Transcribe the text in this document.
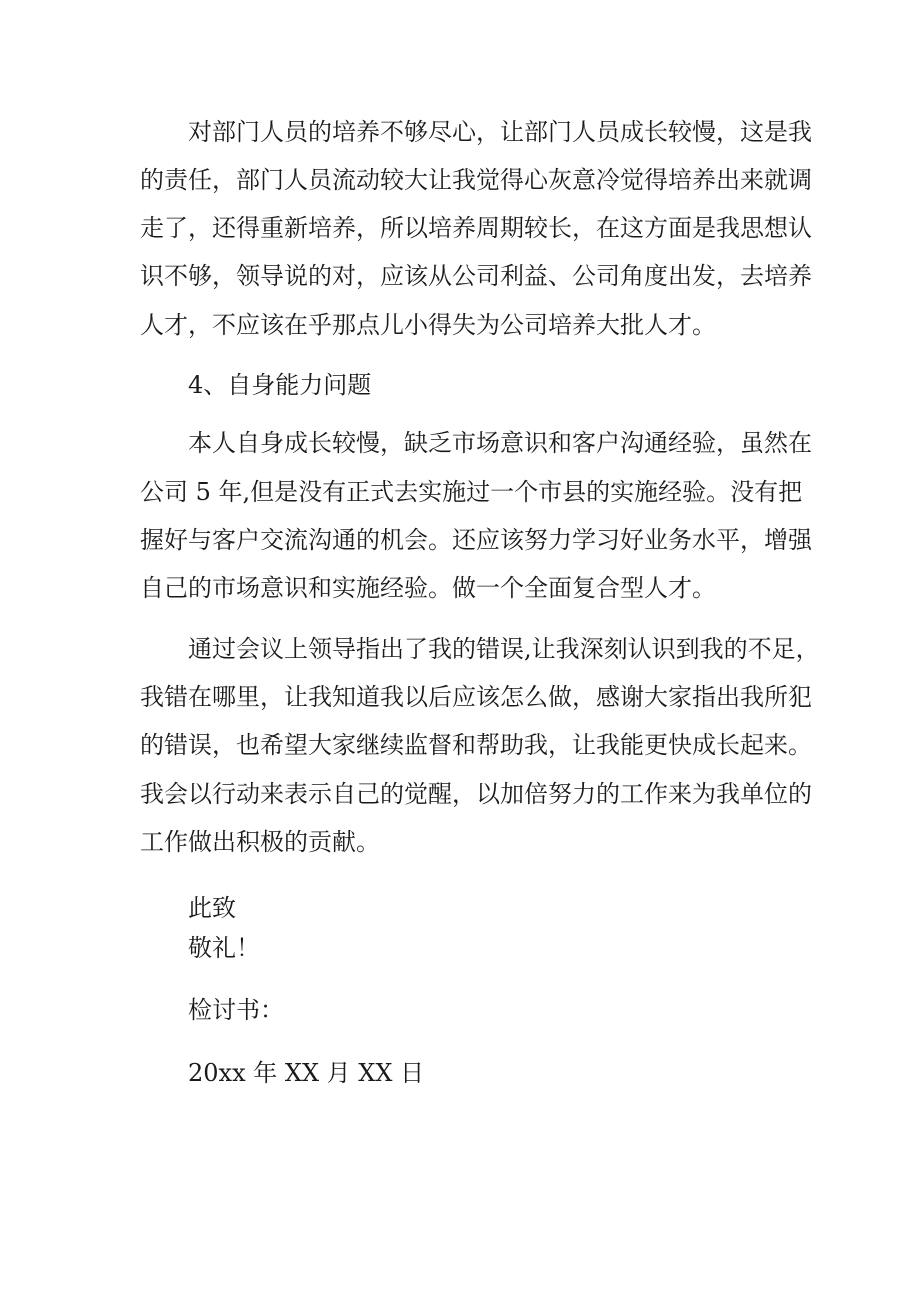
对部门人员的培养不够尽心，让部门人员成长较慢，这是我
的责任，部门人员流动较大让我觉得心灰意冷觉得培养出来就调
走了，还得重新培养，所以培养周期较长，在这方面是我思想认
识不够，领导说的对，应该从公司利益、公司角度出发，去培养
人才，不应该在乎那点儿小得失为公司培养大批人才。
4、自身能力问题
本人自身成长较慢，缺乏市场意识和客户沟通经验，虽然在
公司 5 年,但是没有正式去实施过一个市县的实施经验。没有把
握好与客户交流沟通的机会。还应该努力学习好业务水平，增强
自己的市场意识和实施经验。做一个全面复合型人才。
通过会议上领导指出了我的错误,让我深刻认识到我的不足，
我错在哪里，让我知道我以后应该怎么做，感谢大家指出我所犯
的错误，也希望大家继续监督和帮助我，让我能更快成长起来。
我会以行动来表示自己的觉醒，以加倍努力的工作来为我单位的
工作做出积极的贡献。
此致
敬礼！
检讨书：
20xx 年 XX 月 XX 日
